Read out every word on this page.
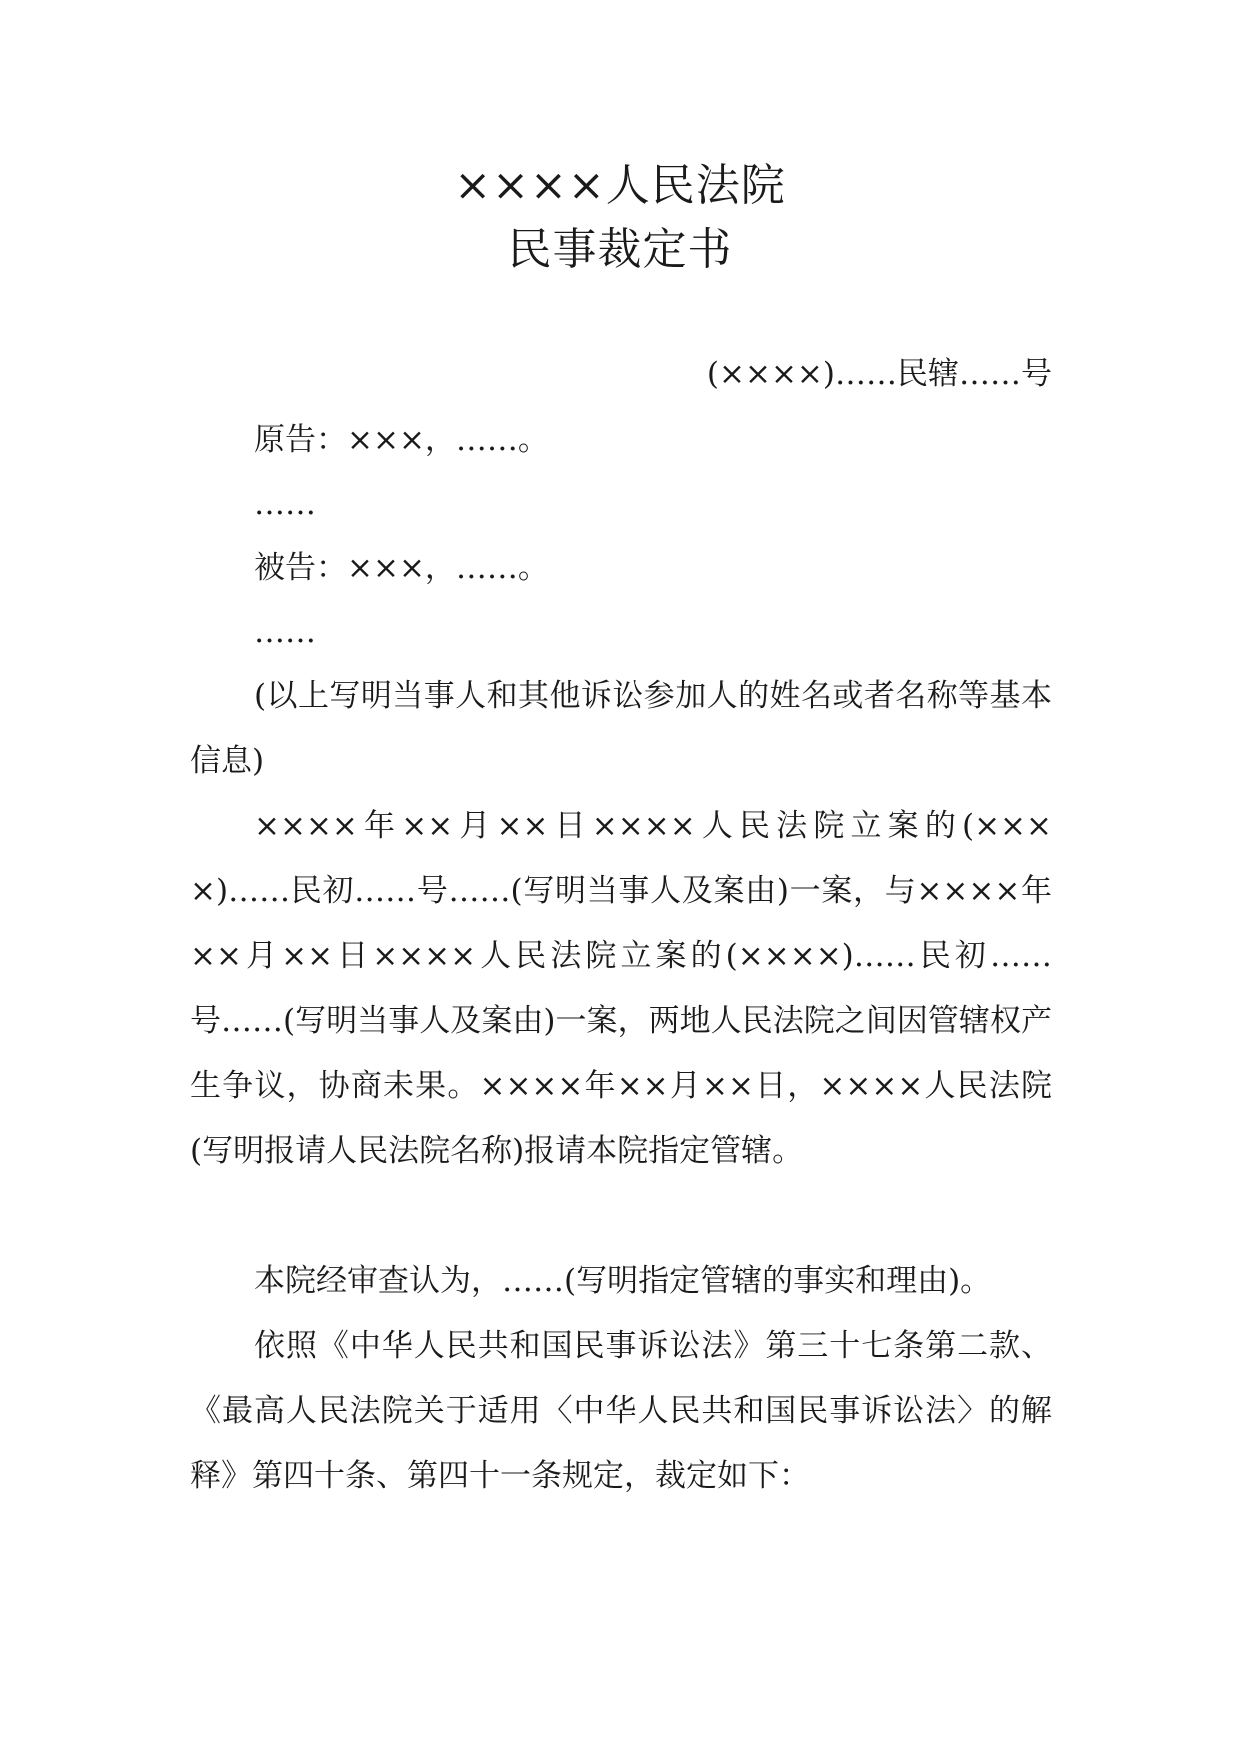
××××人民法院
民事裁定书
(××××)……民辖……号
原告：×××，……。
……
被告：×××，……。
……
(以上写明当事人和其他诉讼参加人的姓名或者名称等基本信息)
××××年××月××日××××人民法院立案的(××××)……民初……号……(写明当事人及案由)一案，与××××年××月××日××××人民法院立案的(××××)……民初……号……(写明当事人及案由)一案，两地人民法院之间因管辖权产生争议，协商未果。××××年××月××日，××××人民法院(写明报请人民法院名称)报请本院指定管辖。
本院经审查认为，……(写明指定管辖的事实和理由)。
依照《中华人民共和国民事诉讼法》第三十七条第二款、《最高人民法院关于适用〈中华人民共和国民事诉讼法〉的解释》第四十条、第四十一条规定，裁定如下：
